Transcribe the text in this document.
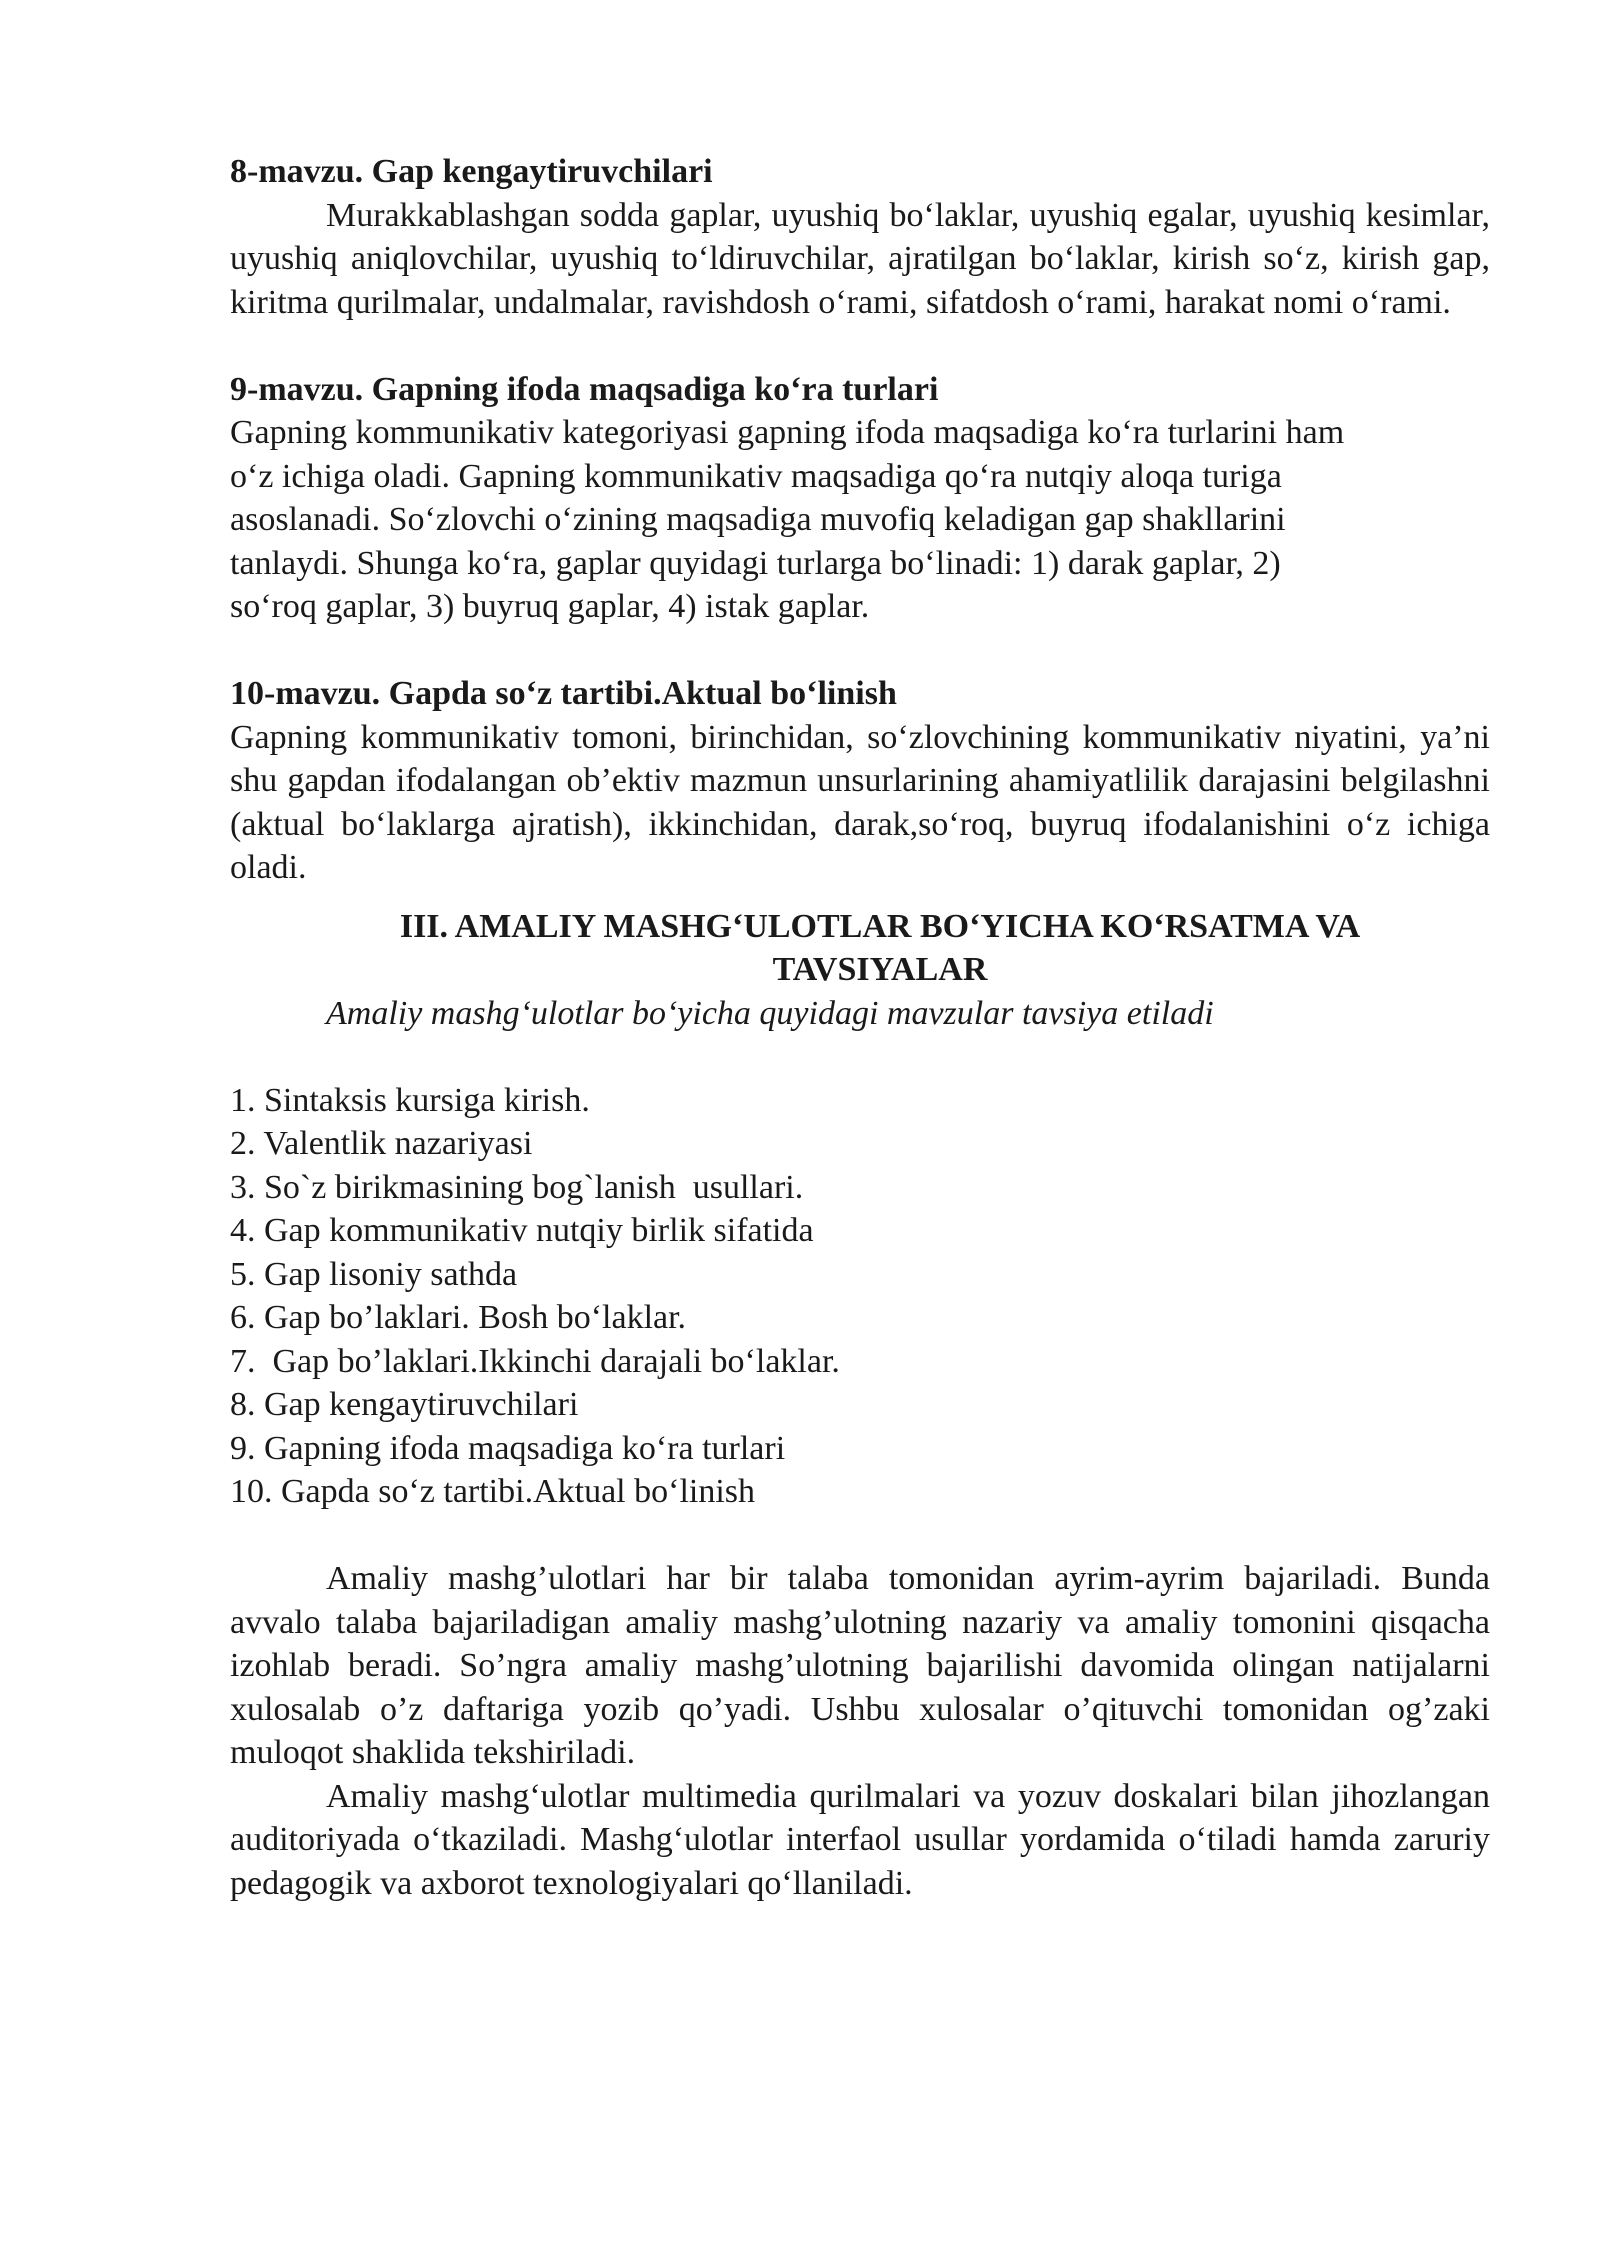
8-mavzu. Gap kengaytiruvchilari

Murakkablashgan sodda gaplar, uyushiq bo‘laklar, uyushiq egalar, uyushiq kesimlar, uyushiq aniqlovchilar, uyushiq to‘ldiruvchilar, ajratilgan bo‘laklar, kirish so‘z, kirish gap, kiritma qurilmalar, undalmalar, ravishdosh o‘rami, sifatdosh o‘rami, harakat nomi o‘rami.

9-mavzu. Gapning ifoda maqsadiga ko‘ra turlari

Gapning kommunikativ kategoriyasi gapning ifoda maqsadiga ko‘ra turlarini ham

o‘z ichiga oladi. Gapning kommunikativ maqsadiga qo‘ra nutqiy aloqa turiga

asoslanadi. So‘zlovchi o‘zining maqsadiga muvofiq keladigan gap shakllarini

tanlaydi. Shunga ko‘ra, gaplar quyidagi turlarga bo‘linadi: 1) darak gaplar, 2)

so‘roq gaplar, 3) buyruq gaplar, 4) istak gaplar.

10-mavzu. Gapda so‘z tartibi.Aktual bo‘linish

Gapning kommunikativ tomoni, birinchidan, so‘zlovchining kommunikativ niyatini, ya’ni shu gapdan ifodalangan ob’ektiv mazmun unsurlarining ahamiyatlilik darajasini belgilashni (aktual bo‘laklarga ajratish), ikkinchidan, darak,so‘roq, buyruq ifodalanishini o‘z ichiga oladi.

III. AMALIY MASHG‘ULOTLAR BO‘YICHA KO‘RSATMA VA

TAVSIYALAR

Amaliy mashg‘ulotlar bo‘yicha quyidagi mavzular tavsiya etiladi

1. Sintaksis kursiga kirish.
2. Valentlik nazariyasi
3. So`z birikmasining bog`lanish  usullari.
4. Gap kommunikativ nutqiy birlik sifatida
5. Gap lisoniy sathda
6. Gap bo’laklari. Bosh bo‘laklar.
7.  Gap bo’laklari.Ikkinchi darajali bo‘laklar.
8. Gap kengaytiruvchilari
9. Gapning ifoda maqsadiga ko‘ra turlari
10. Gapda so‘z tartibi.Aktual bo‘linish

Amaliy mashg’ulotlari har bir talaba tomonidan ayrim-ayrim bajariladi. Bunda avvalo talaba bajariladigan amaliy mashg’ulotning nazariy va amaliy tomonini qisqacha izohlab beradi. So’ngra amaliy mashg’ulotning bajarilishi davomida olingan natijalarni xulosalab o’z daftariga yozib qo’yadi. Ushbu xulosalar o’qituvchi tomonidan og’zaki muloqot shaklida tekshiriladi.

Amaliy mashg‘ulotlar multimedia qurilmalari va yozuv doskalari bilan jihozlangan auditoriyada o‘tkaziladi. Mashg‘ulotlar interfaol usullar yordamida o‘tiladi hamda zaruriy pedagogik va axborot texnologiyalari qo‘llaniladi.
